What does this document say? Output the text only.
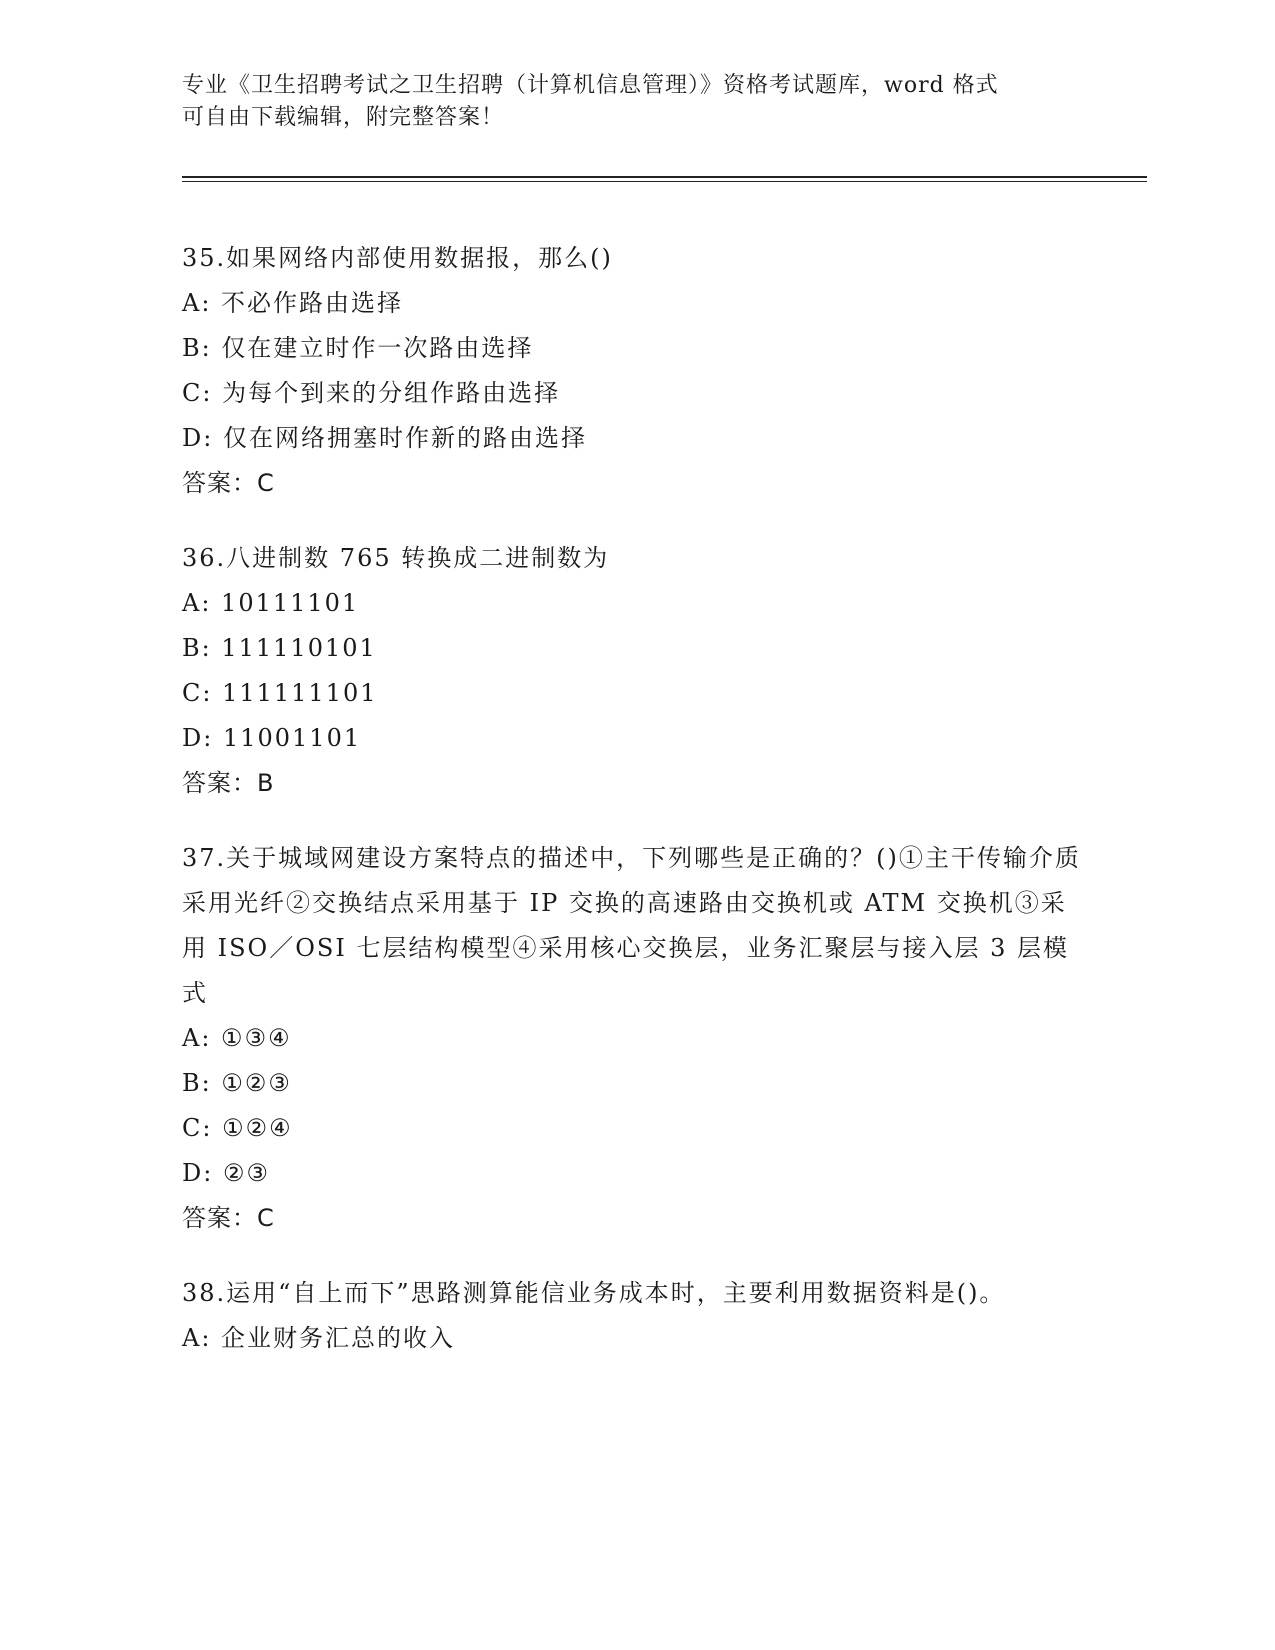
专业《卫生招聘考试之卫生招聘（计算机信息管理）》资格考试题库，word 格式

可自由下载编辑，附完整答案！

35.如果网络内部使用数据报，那么()

A: 不必作路由选择

B: 仅在建立时作一次路由选择

C: 为每个到来的分组作路由选择

D: 仅在网络拥塞时作新的路由选择

答案：C

36.八进制数 765 转换成二进制数为

A: 10111101

B: 111110101

C: 111111101

D: 11001101

答案：B

37.关于城域网建设方案特点的描述中，下列哪些是正确的？()①主干传输介质采用光纤②交换结点采用基于 IP 交换的高速路由交换机或 ATM 交换机③采用 ISO／OSI 七层结构模型④采用核心交换层，业务汇聚层与接入层 3 层模式

A: ①③④

B: ①②③

C: ①②④

D: ②③

答案：C

38.运用“自上而下”思路测算能信业务成本时，主要利用数据资料是()。

A: 企业财务汇总的收入
